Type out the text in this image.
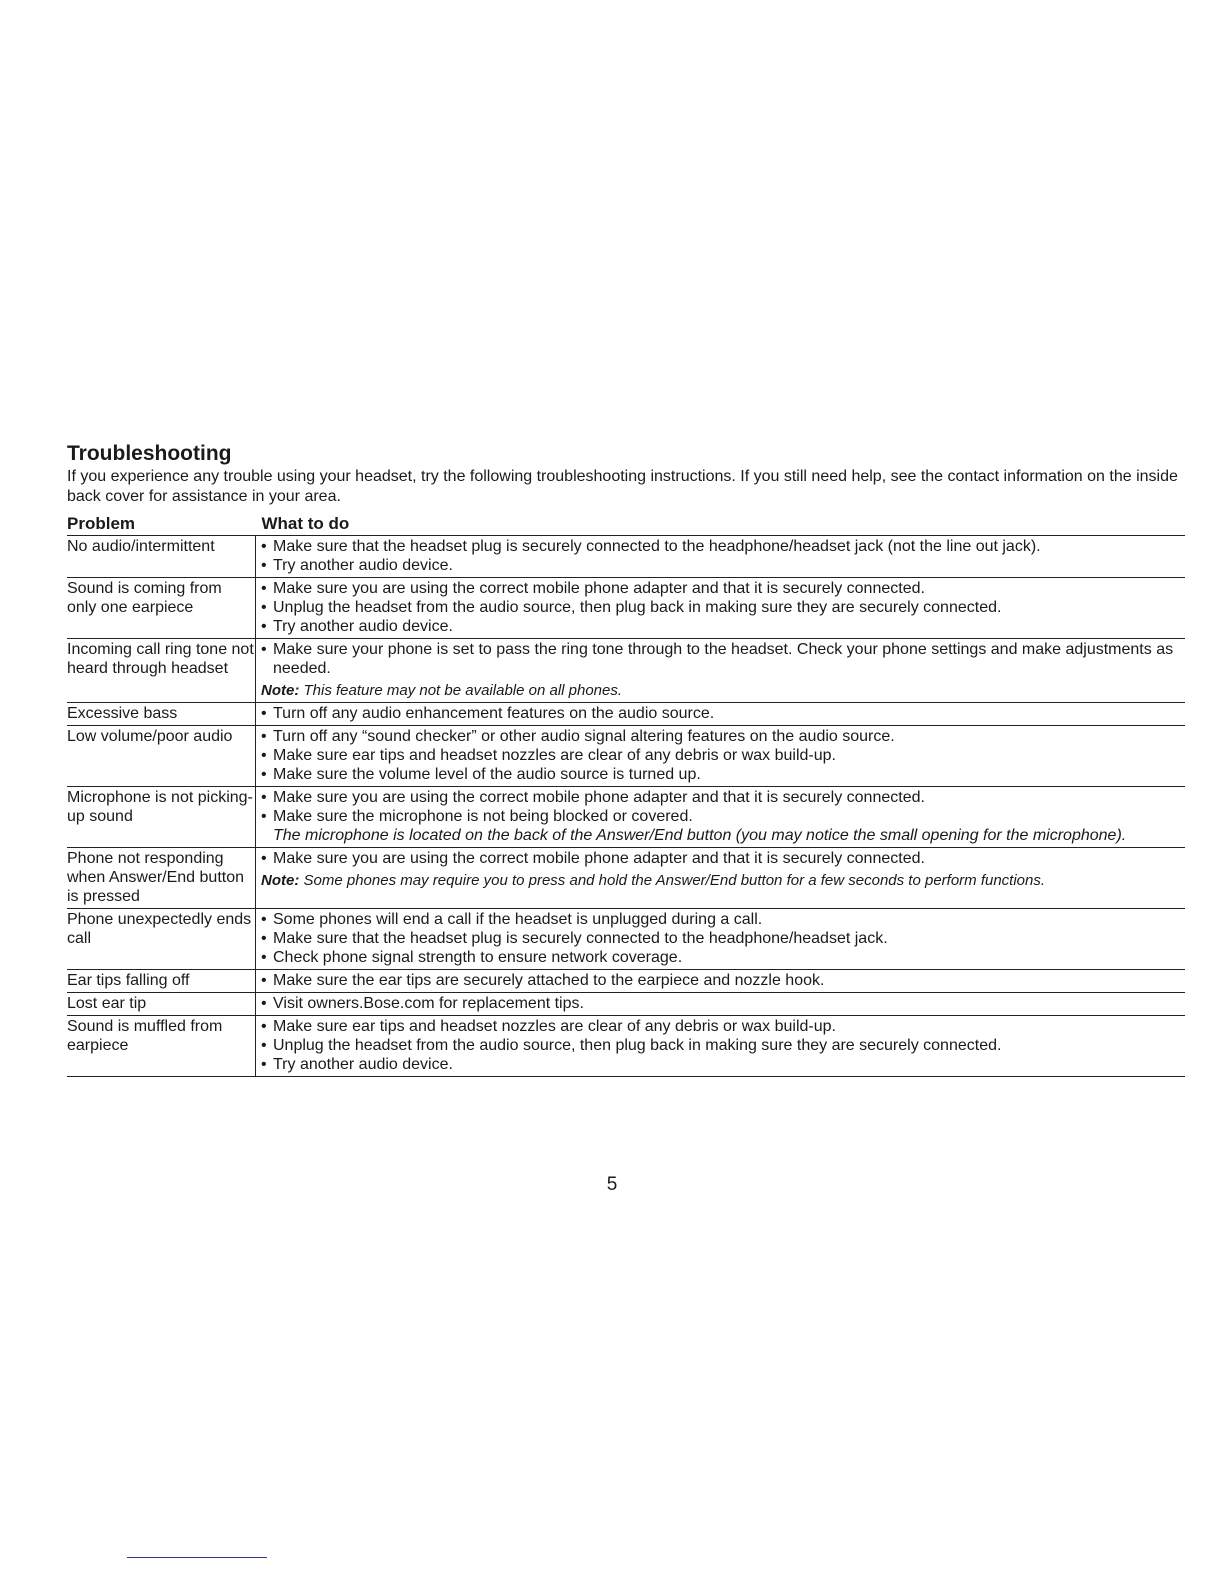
Troubleshooting

If you experience any trouble using your headset, try the following troubleshooting instructions. If you still need help, see the contact information on the inside back cover for assistance in your area.

Problem	What to do
No audio/intermittent	• Make sure that the headset plug is securely connected to the headphone/headset jack (not the line out jack).
• Try another audio device.

Sound is coming from only one earpiece	• Make sure you are using the correct mobile phone adapter and that it is securely connected.
• Unplug the headset from the audio source, then plug back in making sure they are securely connected.
• Try another audio device.

Incoming call ring tone not heard through headset	• Make sure your phone is set to pass the ring tone through to the headset. Check your phone settings and make adjustments as needed.
Note: This feature may not be available on all phones.

Excessive bass	• Turn off any audio enhancement features on the audio source.

Low volume/poor audio	• Turn off any “sound checker” or other audio signal altering features on the audio source.
• Make sure ear tips and headset nozzles are clear of any debris or wax build-up.
• Make sure the volume level of the audio source is turned up.

Microphone is not picking-up sound	• Make sure you are using the correct mobile phone adapter and that it is securely connected.
• Make sure the microphone is not being blocked or covered.
The microphone is located on the back of the Answer/End button (you may notice the small opening for the microphone).

Phone not responding when Answer/End button is pressed	• Make sure you are using the correct mobile phone adapter and that it is securely connected.
Note: Some phones may require you to press and hold the Answer/End button for a few seconds to perform functions.

Phone unexpectedly ends call	• Some phones will end a call if the headset is unplugged during a call.
• Make sure that the headset plug is securely connected to the headphone/headset jack.
• Check phone signal strength to ensure network coverage.

Ear tips falling off	• Make sure the ear tips are securely attached to the earpiece and nozzle hook.

Lost ear tip	• Visit owners.Bose.com for replacement tips.

Sound is muffled from earpiece	• Make sure ear tips and headset nozzles are clear of any debris or wax build-up.
• Unplug the headset from the audio source, then plug back in making sure they are securely connected.
• Try another audio device.
5
